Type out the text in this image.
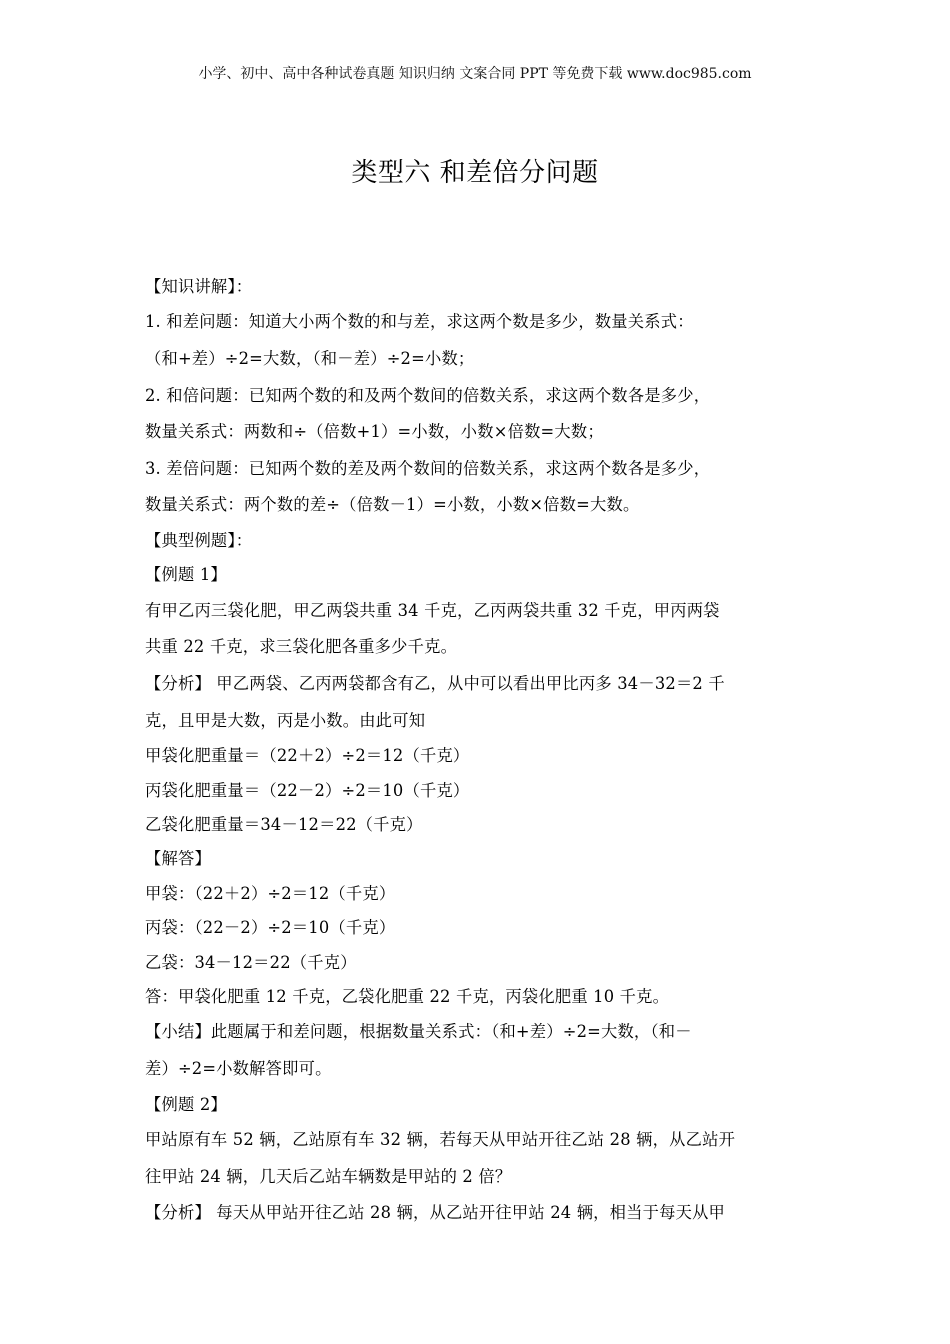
小学、初中、高中各种试卷真题 知识归纳 文案合同 PPT 等免费下载 www.doc985.com
类型六 和差倍分问题
【知识讲解】：
1. 和差问题：知道大小两个数的和与差，求这两个数是多少，数量关系式：
（和+差）÷2=大数，（和－差）÷2=小数；
2. 和倍问题：已知两个数的和及两个数间的倍数关系，求这两个数各是多少，
数量关系式：两数和÷（倍数+1）=小数，小数×倍数=大数；
3. 差倍问题：已知两个数的差及两个数间的倍数关系，求这两个数各是多少，
数量关系式：两个数的差÷（倍数－1）=小数，小数×倍数=大数。
【典型例题】：
【例题 1】
有甲乙丙三袋化肥，甲乙两袋共重 34 千克，乙丙两袋共重 32 千克，甲丙两袋
共重 22 千克，求三袋化肥各重多少千克。
【分析】 甲乙两袋、乙丙两袋都含有乙，从中可以看出甲比丙多 34－32＝2 千
克，且甲是大数，丙是小数。由此可知
甲袋化肥重量＝（22＋2）÷2＝12（千克）
丙袋化肥重量＝（22－2）÷2＝10（千克）
乙袋化肥重量＝34－12＝22（千克）
【解答】
甲袋：（22＋2）÷2＝12（千克）
丙袋：（22－2）÷2＝10（千克）
乙袋：34－12＝22（千克）
答：甲袋化肥重 12 千克，乙袋化肥重 22 千克，丙袋化肥重 10 千克。
【小结】此题属于和差问题，根据数量关系式：（和+差）÷2=大数，（和－
差）÷2=小数解答即可。
【例题 2】
甲站原有车 52 辆，乙站原有车 32 辆，若每天从甲站开往乙站 28 辆，从乙站开
往甲站 24 辆，几天后乙站车辆数是甲站的 2 倍？
【分析】 每天从甲站开往乙站 28 辆，从乙站开往甲站 24 辆，相当于每天从甲
